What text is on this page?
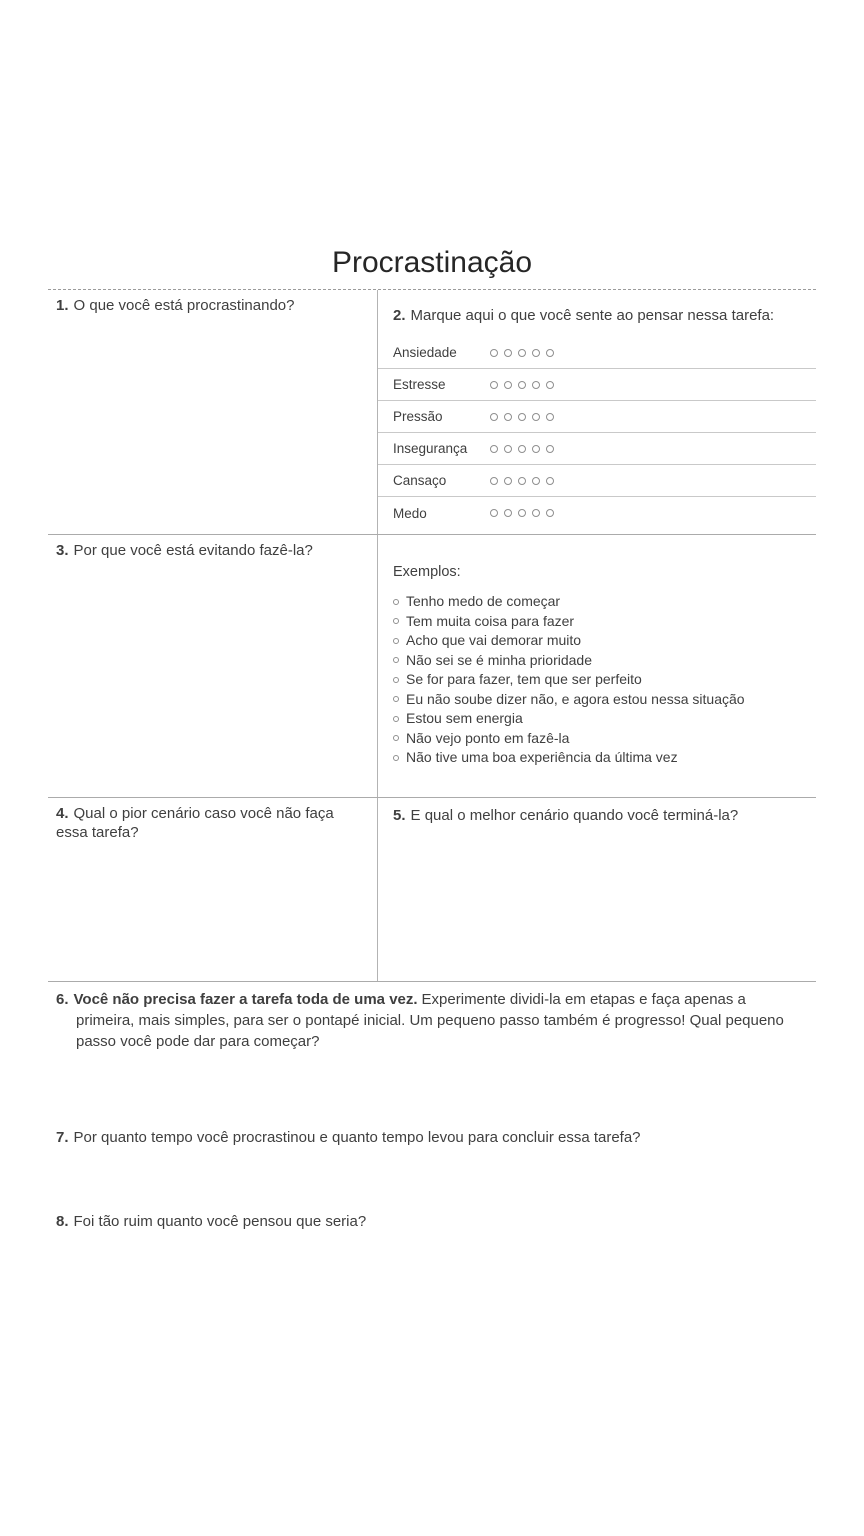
Procrastinação
1. O que você está procrastinando?
2. Marque aqui o que você sente ao pensar nessa tarefa:
Ansiedade
Estresse
Pressão
Insegurança
Cansaço
Medo
3. Por que você está evitando fazê-la?
Exemplos:
Tenho medo de começar
Tem muita coisa para fazer
Acho que vai demorar muito
Não sei se é minha prioridade
Se for para fazer, tem que ser perfeito
Eu não soube dizer não, e agora estou nessa situação
Estou sem energia
Não vejo ponto em fazê-la
Não tive uma boa experiência da última vez
4. Qual o pior cenário caso você não faça essa tarefa?
5. E qual o melhor cenário quando você terminá-la?
6. Você não precisa fazer a tarefa toda de uma vez. Experimente dividi-la em etapas e faça apenas a primeira, mais simples, para ser o pontapé inicial. Um pequeno passo também é progresso! Qual pequeno passo você pode dar para começar?
7. Por quanto tempo você procrastinou e quanto tempo levou para concluir essa tarefa?
8. Foi tão ruim quanto você pensou que seria?
